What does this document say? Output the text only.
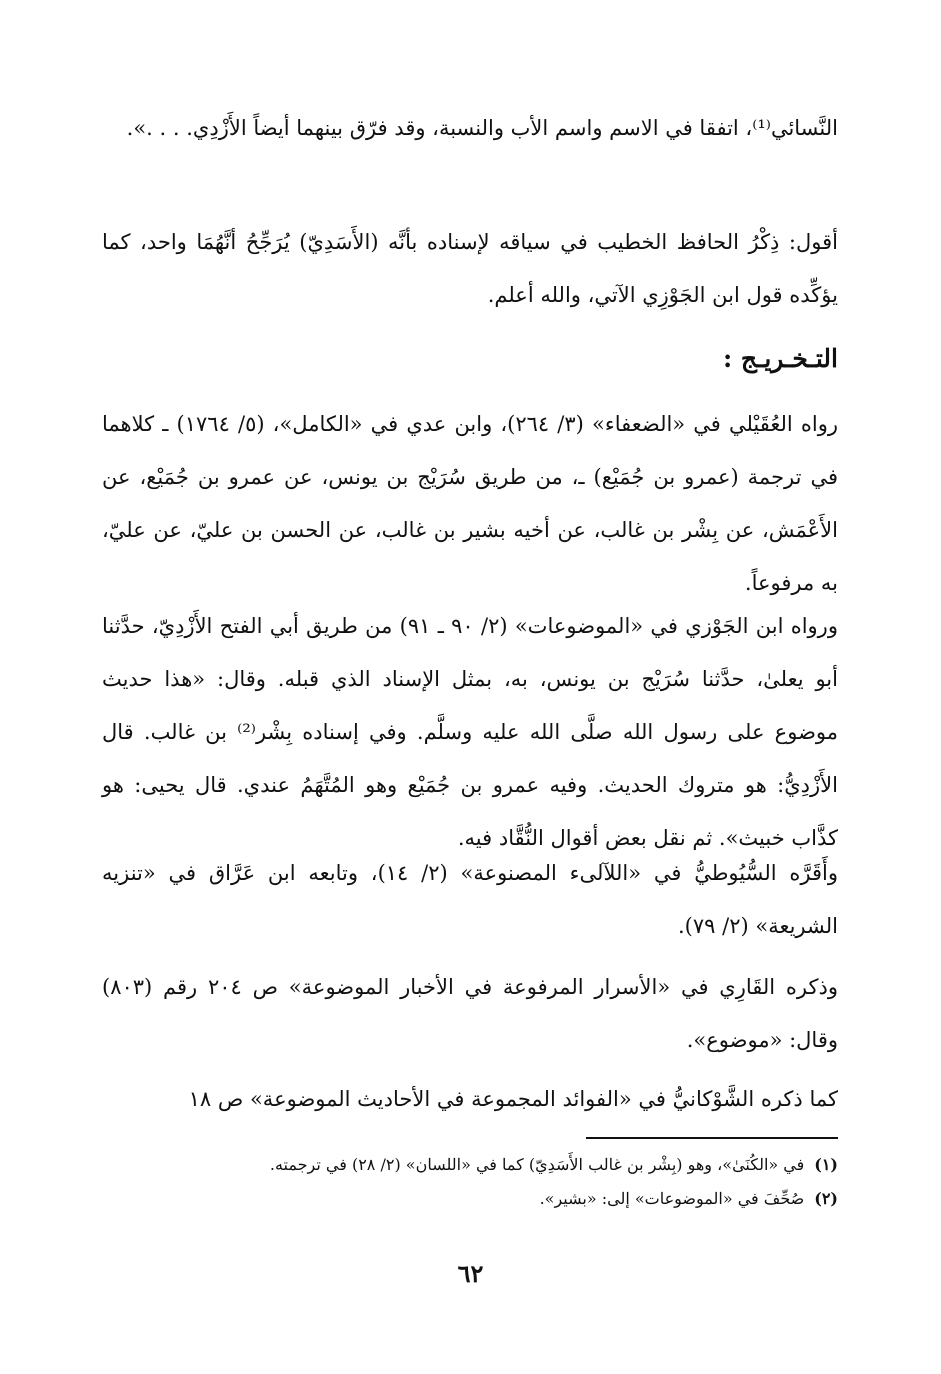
النَّسائي⁽¹⁾، اتفقا في الاسم واسم الأب والنسبة، وقد فرّق بينهما أيضاً الأَزْدِي. . . .».

أقول: ذِكْرُ الحافظ الخطيب في سياقه لإسناده بأنَّه (الأَسَدِيّ) يُرَجِّحُ أنَّهُمَا واحد، كما يؤكِّده قول ابن الجَوْزِي الآتي، والله أعلم.

التـخـريـج :

رواه العُقَيْلي في «الضعفاء» (٣/ ٢٦٤)، وابن عدي في «الكامل»، (٥/ ١٧٦٤) ـ كلاهما في ترجمة (عمرو بن جُمَيْع) ـ، من طريق سُرَيْج بن يونس، عن عمرو بن جُمَيْع، عن الأَعْمَش، عن بِشْر بن غالب، عن أخيه بشير بن غالب، عن الحسن بن عليّ، عن عليّ، به مرفوعاً.

ورواه ابن الجَوْزي في «الموضوعات» (٢/ ٩٠ ـ ٩١) من طريق أبي الفتح الأَزْدِيّ، حدَّثنا أبو يعلىٰ، حدَّثنا سُرَيْج بن يونس، به، بمثل الإسناد الذي قبله. وقال: «هذا حديث موضوع على رسول الله صلَّى الله عليه وسلَّم. وفي إسناده بِشْر⁽²⁾ بن غالب. قال الأَزْدِيُّ: هو متروك الحديث. وفيه عمرو بن جُمَيْع وهو المُتَّهَمُ عندي. قال يحيى: هو كذَّاب خبيث». ثم نقل بعض أقوال النُّقَّاد فيه.

وأَقَرَّه السُّيُوطيُّ في «اللآلىء المصنوعة» (٢/ ١٤)، وتابعه ابن عَرَّاق في «تنزيه الشريعة» (٢/ ٧٩).

وذكره القَارِي في «الأسرار المرفوعة في الأخبار الموضوعة» ص ٢٠٤ رقم (٨٠٣) وقال: «موضوع».

كما ذكره الشَّوْكانيُّ في «الفوائد المجموعة في الأحاديث الموضوعة» ص ١٨

(١)في «الكُنَىٰ»، وهو (بِشْر بن غالب الأَسَدِيّ) كما في «اللسان» (٢/ ٢٨) في ترجمته.

(٢)صُحِّفَ في «الموضوعات» إلى: «بشير».

٦٢
